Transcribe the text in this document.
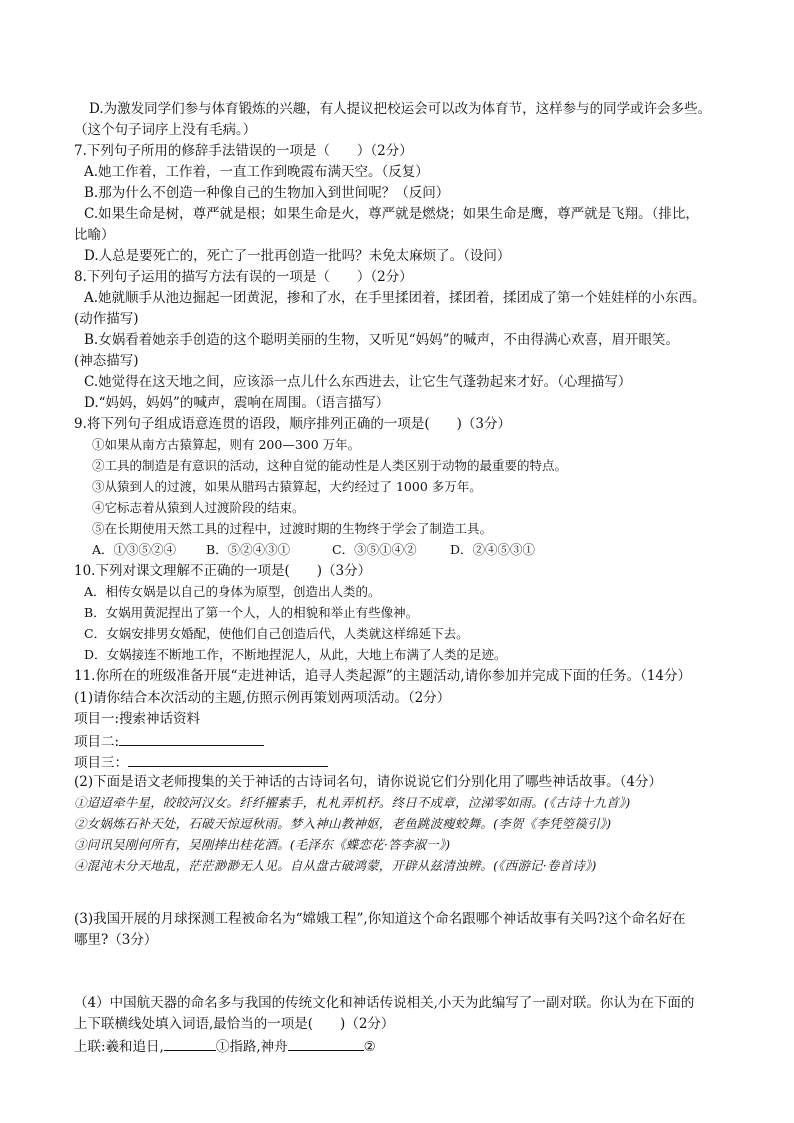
D.为激发同学们参与体育锻炼的兴趣，有人提议把校运会可以改为体育节，这样参与的同学或许会多些。
（这个句子词序上没有毛病。）
7.下列句子所用的修辞手法错误的一项是（　　）（2分）
A.她工作着，工作着，一直工作到晚霞布满天空。（反复）
B.那为什么不创造一种像自己的生物加入到世间呢？（反问）
C.如果生命是树，尊严就是根；如果生命是火，尊严就是燃烧；如果生命是鹰，尊严就是飞翔。（排比，
比喻）
D.人总是要死亡的，死亡了一批再创造一批吗？未免太麻烦了。（设问）
8.下列句子运用的描写方法有误的一项是（　　）（2分）
A.她就顺手从池边掘起一团黄泥，掺和了水，在手里揉团着，揉团着，揉团成了第一个娃娃样的小东西。
(动作描写)
B.女娲看着她亲手创造的这个聪明美丽的生物，又听见“妈妈”的喊声，不由得满心欢喜，眉开眼笑。
(神态描写)
C.她觉得在这天地之间，应该添一点儿什么东西进去，让它生气蓬勃起来才好。（心理描写）
D.“妈妈，妈妈”的喊声，震响在周围。（语言描写）
9.将下列句子组成语意连贯的语段，顺序排列正确的一项是(　　)（3分）
①如果从南方古猿算起，则有 200—300 万年。
②工具的制造是有意识的活动，这种自觉的能动性是人类区别于动物的最重要的特点。
③从猿到人的过渡，如果从腊玛古猿算起，大约经过了 1000 多万年。
④它标志着从猿到人过渡阶段的结束。
⑤在长期使用天然工具的过程中，过渡时期的生物终于学会了制造工具。
A．①③⑤②④ B．⑤②④③①	C．③⑤①④②	D．②④⑤③①
10.下列对课文理解不正确的一项是(　　)（3分）
A．相传女娲是以自己的身体为原型，创造出人类的。
B．女娲用黄泥捏出了第一个人，人的相貌和举止有些像神。
C．女娲安排男女婚配，使他们自己创造后代，人类就这样绵延下去。
D．女娲接连不断地工作，不断地捏泥人，从此，大地上布满了人类的足迹。
11.你所在的班级准备开展“走进神话，追寻人类起源”的主题活动,请你参加并完成下面的任务。（14分）
(1)请你结合本次活动的主题,仿照示例再策划两项活动。（2分）
项目一:搜索神话资料
项目二:
项目三：
(2)下面是语文老师搜集的关于神话的古诗词名句，请你说说它们分别化用了哪些神话故事。（4分）
①迢迢牵牛星，皎皎河汉女。纤纤擢素手，札札弄机杼。终日不成章，泣涕零如雨。(《古诗十九首》)
②女娲炼石补天处，石破天惊逗秋雨。梦入神山教神妪，老鱼跳波瘦蛟舞。(李贺《李凭箜篌引》)
③问讯吴刚何所有，吴刚捧出桂花酒。(毛泽东《蝶恋花·答李淑一》)
④混沌未分天地乱，茫茫渺渺无人见。自从盘古破鸿蒙，开辟从兹清浊辨。(《西游记·卷首诗》)
(3)我国开展的月球探测工程被命名为“嫦娥工程”,你知道这个命名跟哪个神话故事有关吗?这个命名好在
哪里?（3分）
（4）中国航天器的命名多与我国的传统文化和神话传说相关,小天为此编写了一副对联。你认为在下面的
上下联横线处填入词语,最恰当的一项是(　　)（2分）
上联:羲和追日,	①指路,神舟	②
